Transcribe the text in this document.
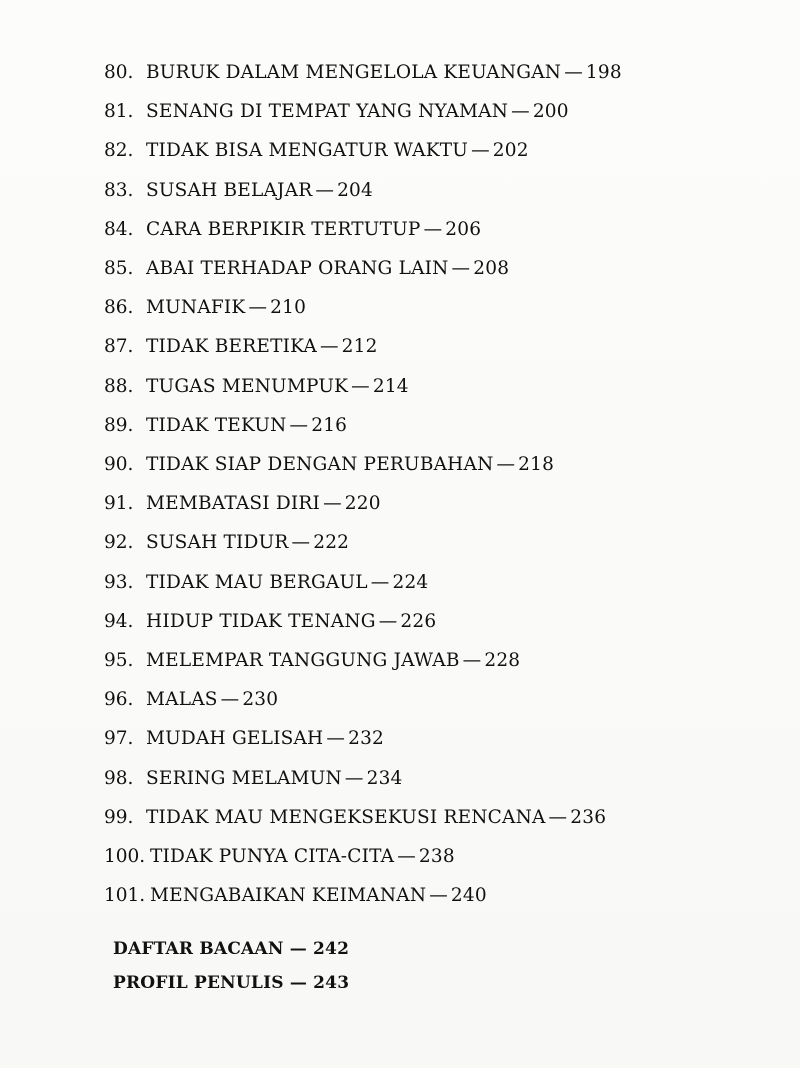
80. BURUK DALAM MENGELOLA KEUANGAN — 198
81. SENANG DI TEMPAT YANG NYAMAN — 200
82. TIDAK BISA MENGATUR WAKTU — 202
83. SUSAH BELAJAR — 204
84. CARA BERPIKIR TERTUTUP — 206
85. ABAI TERHADAP ORANG LAIN — 208
86. MUNAFIK — 210
87. TIDAK BERETIKA — 212
88. TUGAS MENUMPUK — 214
89. TIDAK TEKUN — 216
90. TIDAK SIAP DENGAN PERUBAHAN — 218
91. MEMBATASI DIRI — 220
92. SUSAH TIDUR — 222
93. TIDAK MAU BERGAUL — 224
94. HIDUP TIDAK TENANG — 226
95. MELEMPAR TANGGUNG JAWAB — 228
96. MALAS — 230
97. MUDAH GELISAH — 232
98. SERING MELAMUN — 234
99. TIDAK MAU MENGEKSEKUSI RENCANA — 236
100. TIDAK PUNYA CITA-CITA — 238
101. MENGABAIKAN KEIMANAN — 240
DAFTAR BACAAN — 242
PROFIL PENULIS — 243
